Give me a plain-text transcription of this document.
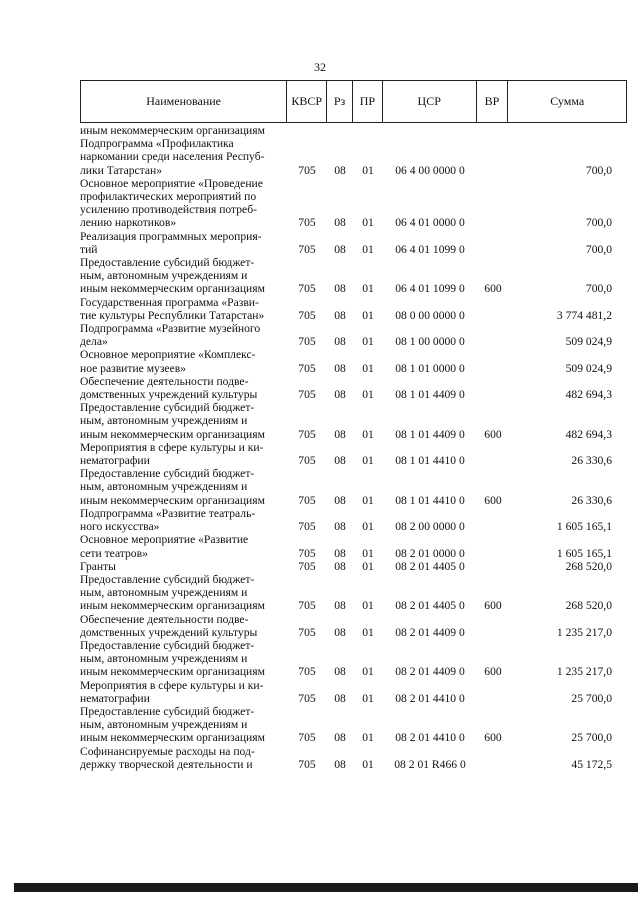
32
Наименование	КВСР Рз	ПР	ЦСР	ВР	Сумма
иным некоммерческим организациям
Подпрограмма «Профилактика
наркомании среди населения Респуб-
лики Татарстан»	705	08	01	06 4 00 0000 0	700,0
Основное мероприятие «Проведение
профилактических мероприятий по
усилению противодействия потреб-
лению наркотиков»	705	08	01	06 4 01 0000 0	700,0
Реализация программных мероприя-
тий	705	08	01	06 4 01 1099 0	700,0
Предоставление субсидий бюджет-
ным, автономным учреждениям и
иным некоммерческим организациям	705	08	01	06 4 01 1099 0	600	700,0
Государственная программа «Разви-
тие культуры Республики Татарстан»	705	08	01	08 0 00 0000 0	3 774 481,2
Подпрограмма «Развитие музейного
дела»	705	08	01	08 1 00 0000 0	509 024,9
Основное мероприятие «Комплекс-
ное развитие музеев»	705	08	01	08 1 01 0000 0	509 024,9
Обеспечение деятельности подве-
домственных учреждений культуры	705	08	01	08 1 01 4409 0	482 694,3
Предоставление субсидий бюджет-
ным, автономным учреждениям и
иным некоммерческим организациям	705	08	01	08 1 01 4409 0	600	482 694,3
Мероприятия в сфере культуры и ки-
нематографии	705	08	01	08 1 01 4410 0	26 330,6
Предоставление субсидий бюджет-
ным, автономным учреждениям и
иным некоммерческим организациям	705	08	01	08 1 01 4410 0	600	26 330,6
Подпрограмма «Развитие театраль-
ного искусства»	705	08	01	08 2 00 0000 0	1 605 165,1
Основное мероприятие «Развитие
сети театров»	705	08	01	08 2 01 0000 0	1 605 165,1
Гранты	705	08	01	08 2 01 4405 0	268 520,0
Предоставление субсидий бюджет-
ным, автономным учреждениям и
иным некоммерческим организациям	705	08	01	08 2 01 4405 0	600	268 520,0
Обеспечение деятельности подве-
домственных учреждений культуры	705	08	01	08 2 01 4409 0	1 235 217,0
Предоставление субсидий бюджет-
ным, автономным учреждениям и
иным некоммерческим организациям	705	08	01	08 2 01 4409 0	600	1 235 217,0
Мероприятия в сфере культуры и ки-
нематографии	705	08	01	08 2 01 4410 0	25 700,0
Предоставление субсидий бюджет-
ным, автономным учреждениям и
иным некоммерческим организациям	705	08	01	08 2 01 4410 0	600	25 700,0
Софинансируемые расходы на под-
держку творческой деятельности и	705	08	01	08 2 01 R466 0	45 172,5
